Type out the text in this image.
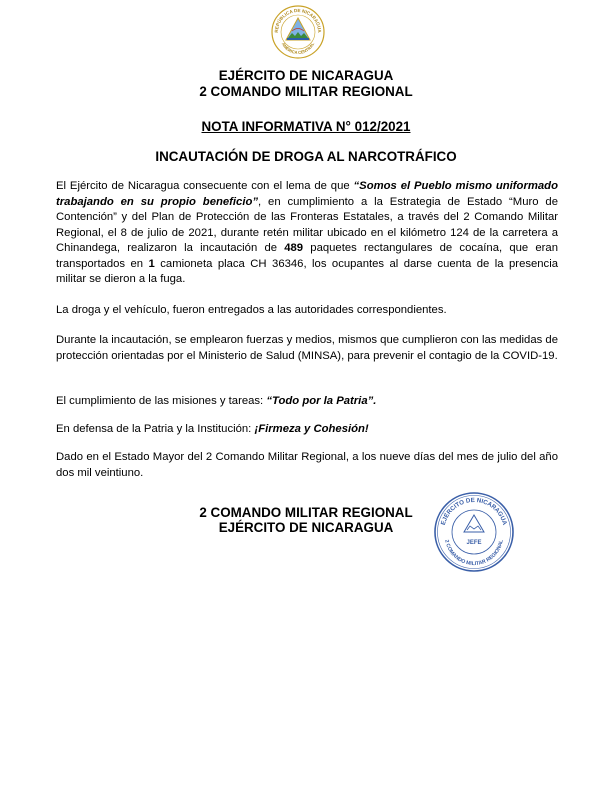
REPÚBLICA DE NICARAGUA
AMÉRICA CENTRAL
EJÉRCITO DE NICARAGUA
2 COMANDO MILITAR REGIONAL
NOTA INFORMATIVA N° 012/2021
INCAUTACIÓN DE DROGA AL NARCOTRÁFICO

El Ejército de Nicaragua consecuente con el lema de que “Somos el Pueblo mismo uniformado trabajando en su propio beneficio”, en cumplimiento a la Estrategia de Estado “Muro de Contención” y del Plan de Protección de las Fronteras Estatales, a través del 2 Comando Militar Regional, el 8 de julio de 2021, durante retén militar ubicado en el kilómetro 124 de la carretera a Chinandega, realizaron la incautación de 489 paquetes rectangulares de cocaína, que eran transportados en 1 camioneta placa CH 36346, los ocupantes al darse cuenta de la presencia militar se dieron a la fuga.

La droga y el vehículo, fueron entregados a las autoridades correspondientes.

Durante la incautación, se emplearon fuerzas y medios, mismos que cumplieron con las medidas de protección orientadas por el Ministerio de Salud (MINSA), para prevenir el contagio de la COVID-19.

El cumplimiento de las misiones y tareas: “Todo por la Patria”.

En defensa de la Patria y la Institución: ¡Firmeza y Cohesión!

Dado en el Estado Mayor del 2 Comando Militar Regional, a los nueve días del mes de julio del año dos mil veintiuno.

2 COMANDO MILITAR REGIONAL
EJÉRCITO DE NICARAGUA	EJÉRCITO DE NICARAGUA
2 COMANDO MILITAR REGIONAL
JEFE
